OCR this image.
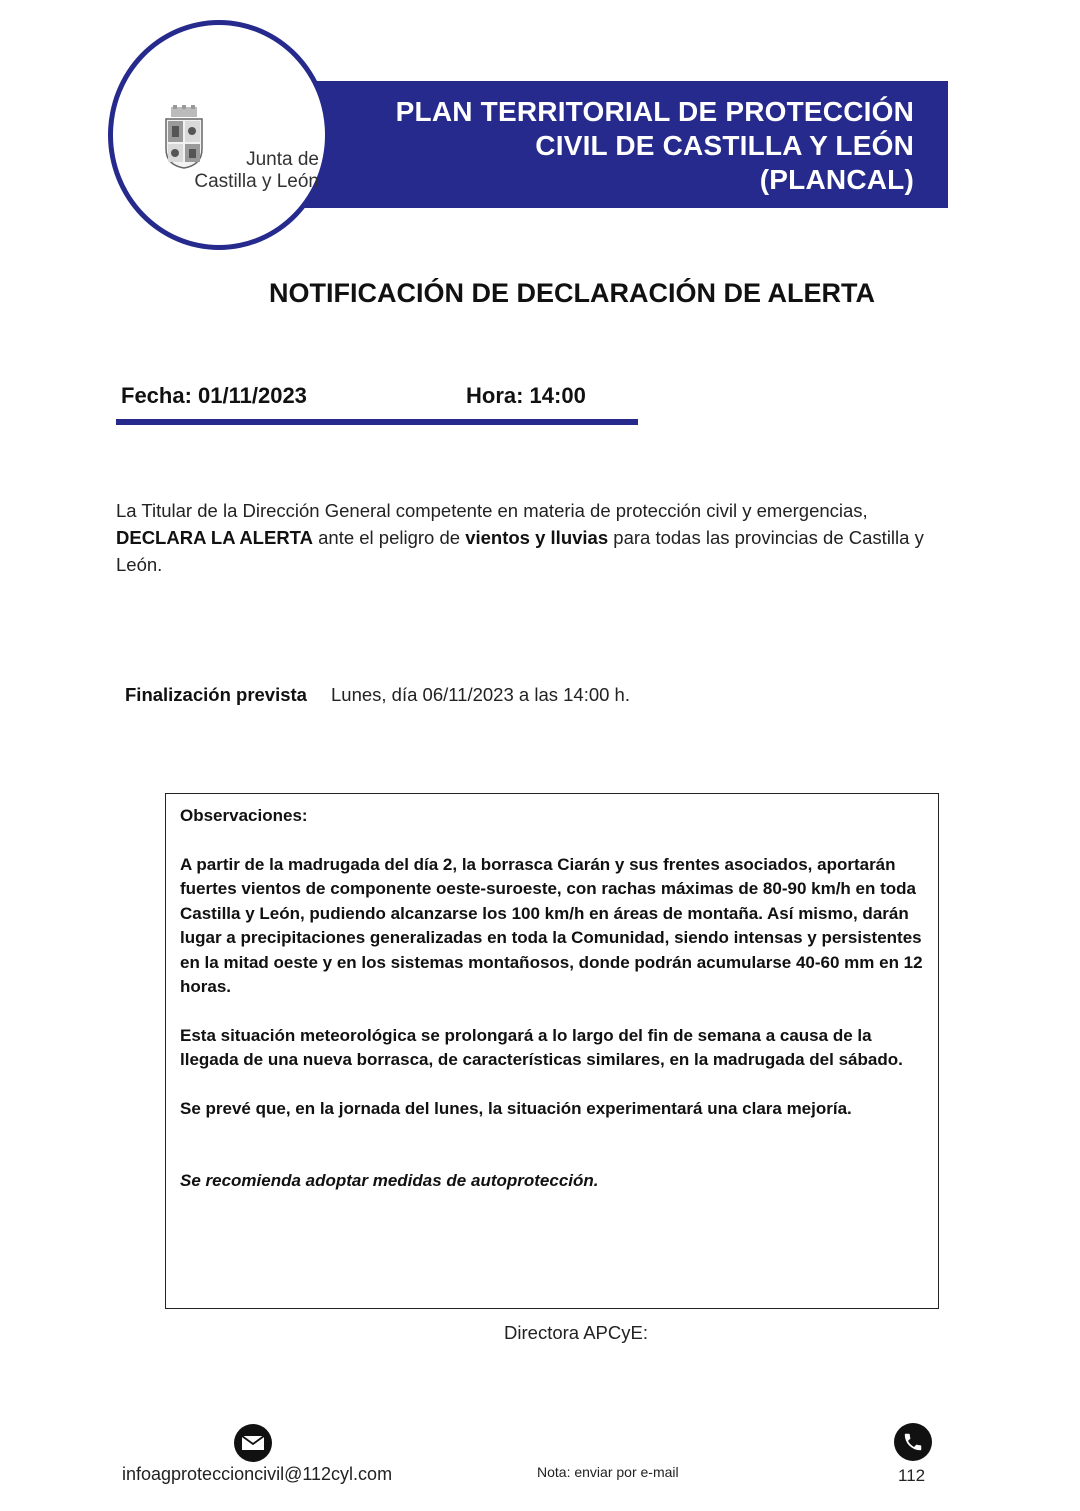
PLAN TERRITORIAL DE PROTECCIÓN
CIVIL DE CASTILLA Y LEÓN
(PLANCAL)
Junta de
Castilla y León
NOTIFICACIÓN DE DECLARACIÓN DE ALERTA
Fecha: 01/11/2023	Hora: 14:00
La Titular de la Dirección General competente en materia de protección civil y emergencias, DECLARA LA ALERTA ante el peligro de vientos y lluvias para todas las provincias de Castilla y León.
Finalización prevista Lunes, día 06/11/2023 a las 14:00 h.

Observaciones:

A partir de la madrugada del día 2, la borrasca Ciarán y sus frentes asociados, aportarán fuertes vientos de componente oeste-suroeste, con rachas máximas de 80-90 km/h en toda Castilla y León, pudiendo alcanzarse los 100 km/h en áreas de montaña. Así mismo, darán lugar a precipitaciones generalizadas en toda la Comunidad, siendo intensas y persistentes en la mitad oeste y en los sistemas montañosos, donde podrán acumularse 40-60 mm en 12 horas.

Esta situación meteorológica se prolongará a lo largo del fin de semana a causa de la llegada de una nueva borrasca, de características similares, en la madrugada del sábado.

Se prevé que, en la jornada del lunes, la situación experimentará una clara mejoría.

Se recomienda adoptar medidas de autoprotección.

Directora APCyE:
infoagproteccioncivil@112cyl.com	Nota: enviar por e-mail	112
